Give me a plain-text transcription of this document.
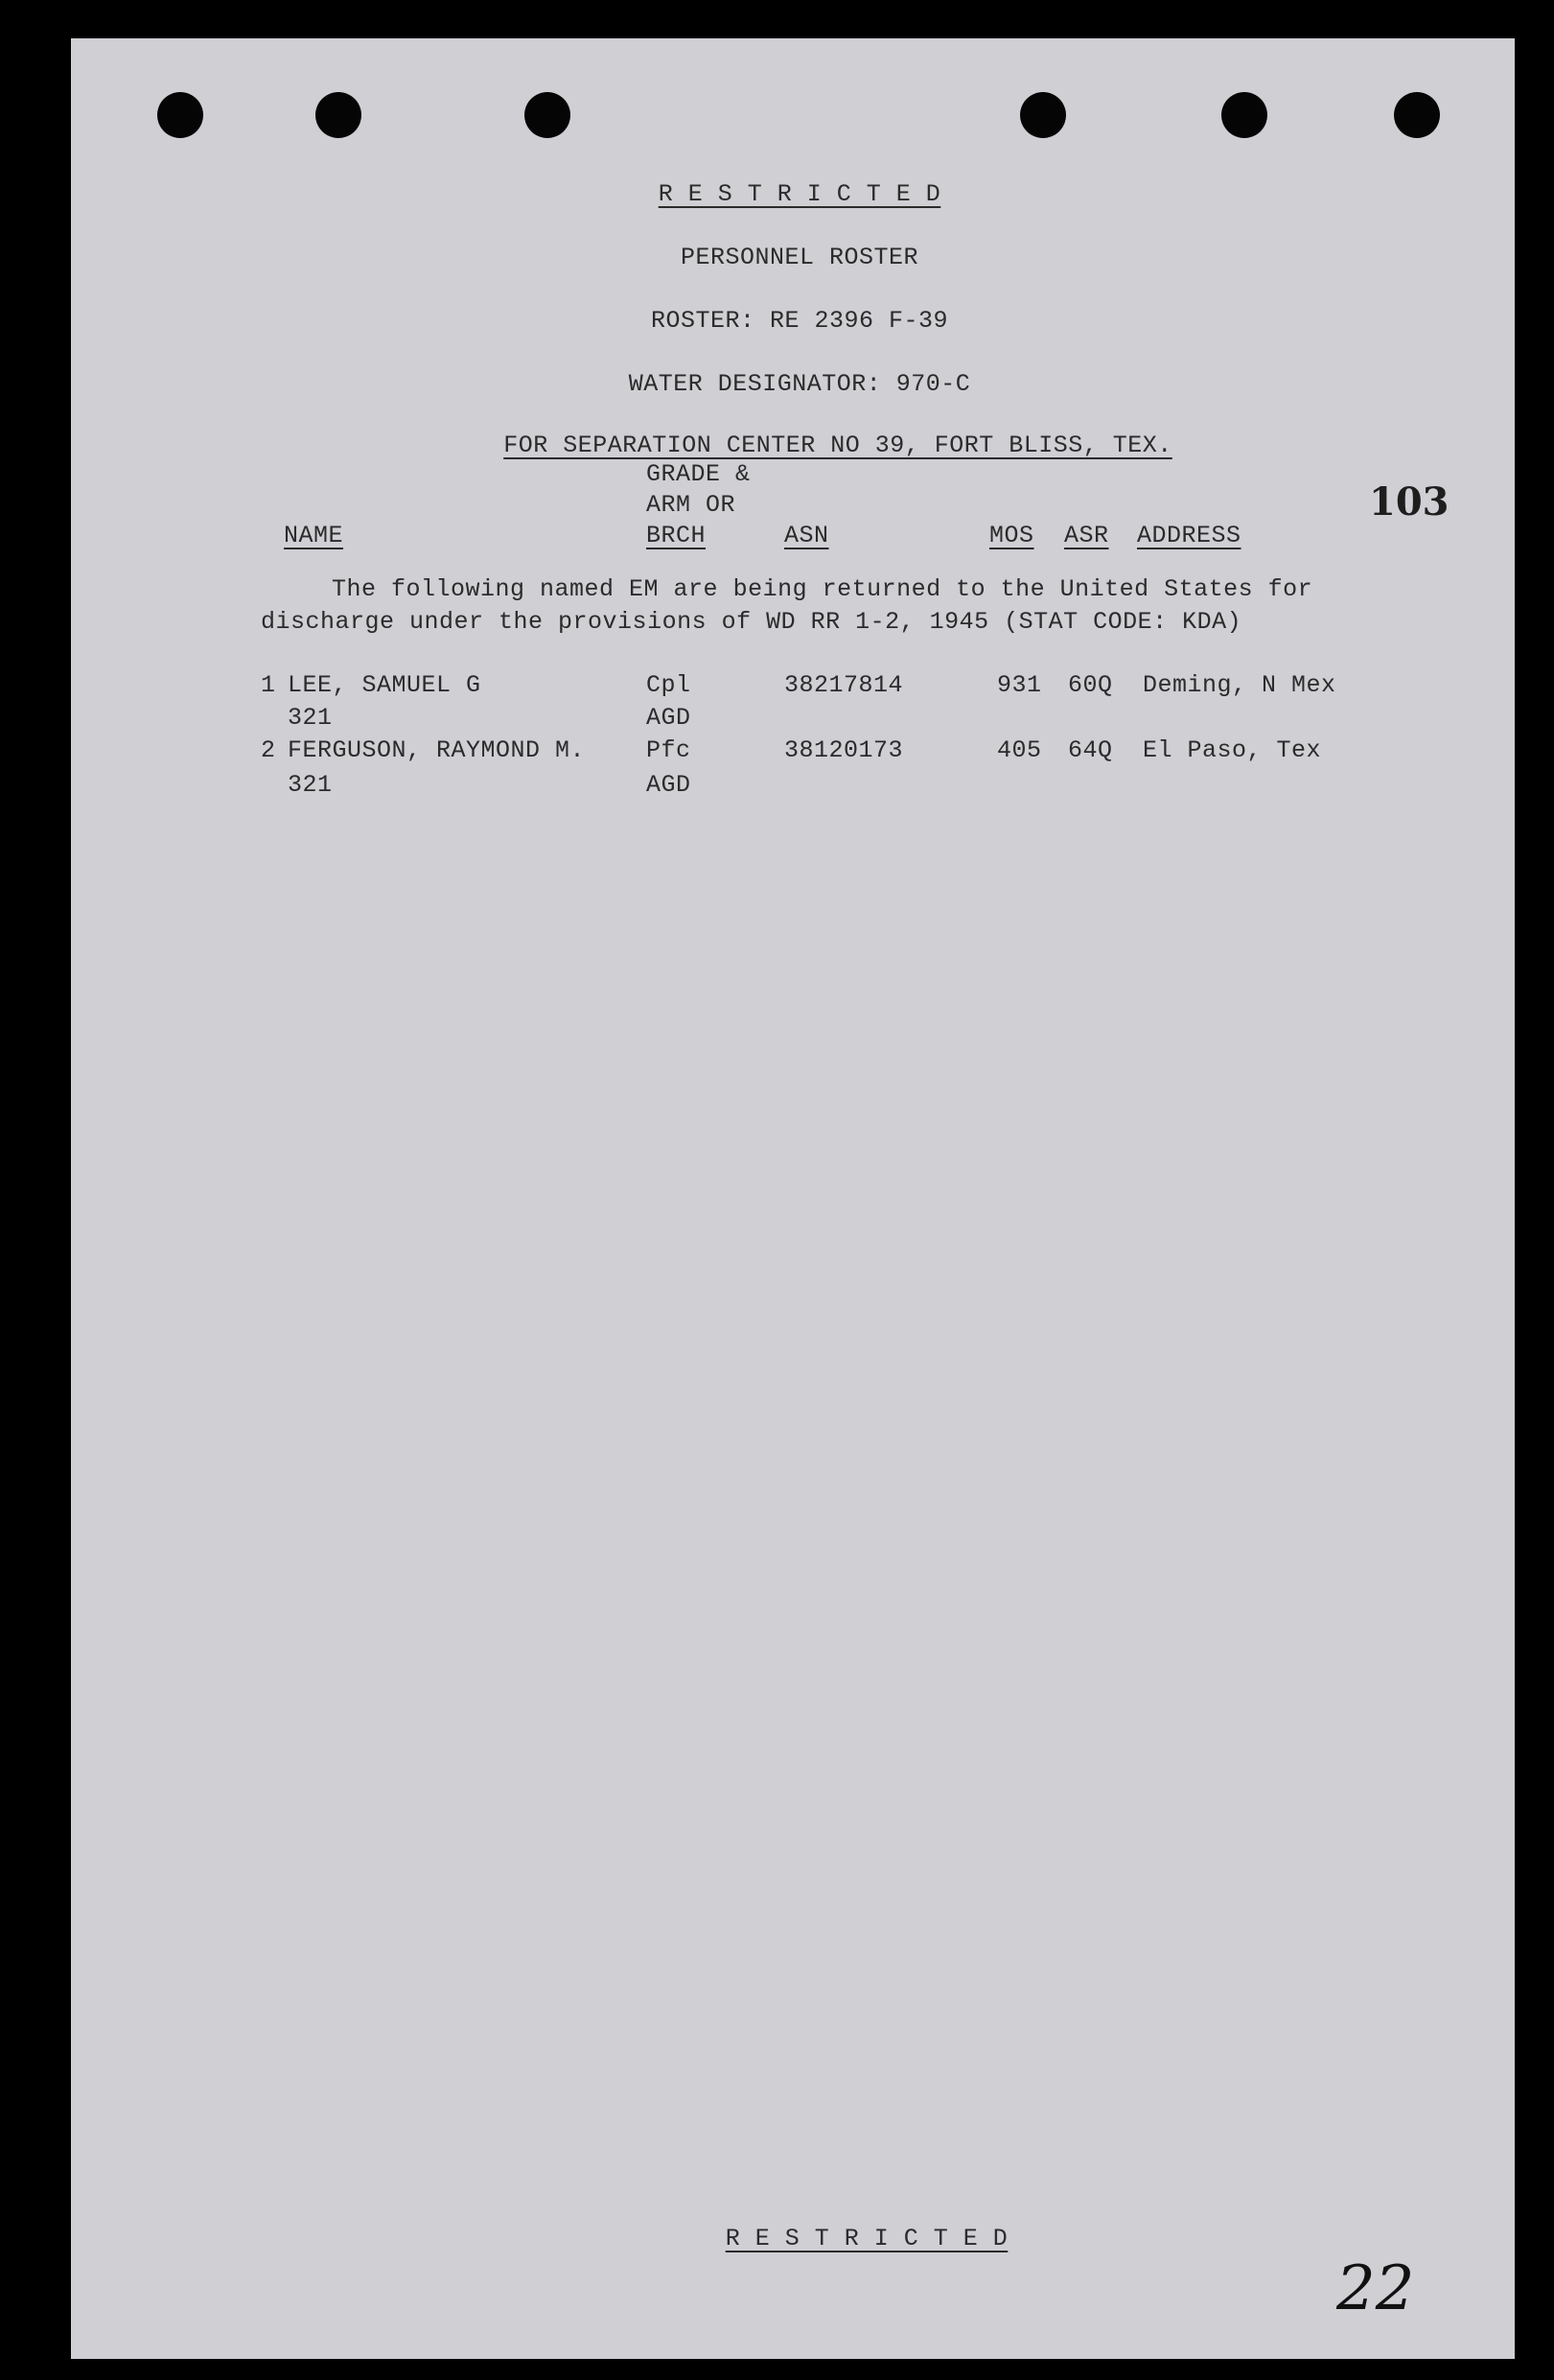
R E S T R I C T E D
PERSONNEL ROSTER
ROSTER: RE 2396 F-39
WATER DESIGNATOR: 970-C
FOR SEPARATION CENTER NO 39, FORT BLISS, TEX.
103
GRADE &
ARM OR
NAME	BRCH	ASN	MOS ASR ADDRESS
The following named EM are being returned to the United States for
discharge under the provisions of WD RR 1-2, 1945 (STAT CODE: KDA)
1 LEE, SAMUEL G	Cpl	38217814	931 60Q Deming, N Mex
321	AGD
2 FERGUSON, RAYMOND M.	Pfc	38120173	405 64Q El Paso, Tex
321	AGD
R E S T R I C T E D
22
